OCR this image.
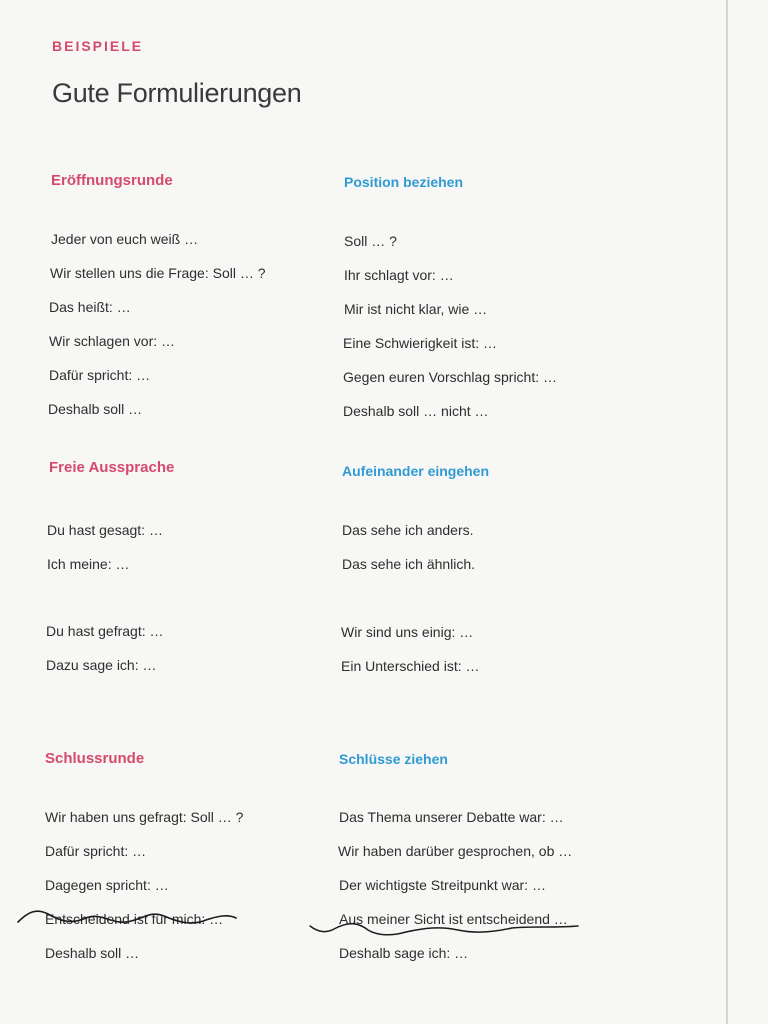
BEISPIELE
Gute Formulierungen
Eröffnungsrunde
Jeder von euch weiß …
Wir stellen uns die Frage: Soll … ?
Das heißt: …
Wir schlagen vor: …
Dafür spricht: …
Deshalb soll …
Position beziehen
Soll … ?
Ihr schlagt vor: …
Mir ist nicht klar, wie …
Eine Schwierigkeit ist: …
Gegen euren Vorschlag spricht: …
Deshalb soll … nicht …
Freie Aussprache
Du hast gesagt: …
Ich meine: …
Du hast gefragt: …
Dazu sage ich: …
Aufeinander eingehen
Das sehe ich anders.
Das sehe ich ähnlich.
Wir sind uns einig: …
Ein Unterschied ist: …
Schlussrunde
Wir haben uns gefragt: Soll … ?
Dafür spricht: …
Dagegen spricht: …
Entscheidend ist für mich: …
Deshalb soll …
Schlüsse ziehen
Das Thema unserer Debatte war: …
Wir haben darüber gesprochen, ob …
Der wichtigste Streitpunkt war: …
Aus meiner Sicht ist entscheidend …
Deshalb sage ich: …
